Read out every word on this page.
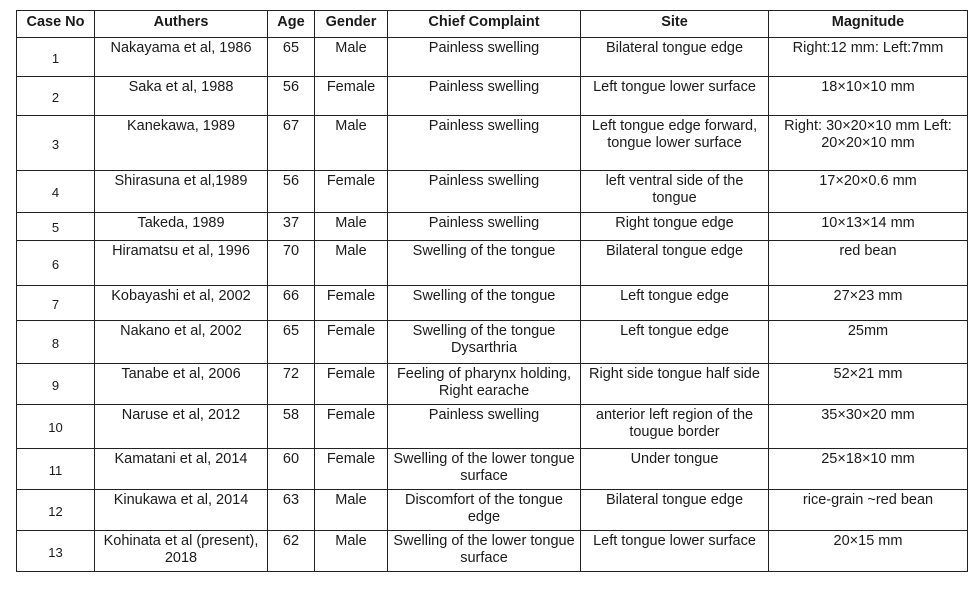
Case No	Authers	Age	Gender	Chief Complaint	Site	Magnitude
1	Nakayama et al, 1986	65	Male	Painless swelling	Bilateral tongue edge	Right:12 mm: Left:7mm
2	Saka et al, 1988	56	Female	Painless swelling	Left tongue lower surface	18×10×10 mm
3	Kanekawa, 1989	67	Male	Painless swelling	Left tongue edge forward, tongue lower surface	Right: 30×20×10 mm Left: 20×20×10 mm
4	Shirasuna et al,1989	56	Female	Painless swelling	left ventral side of the tongue	17×20×0.6 mm
5	Takeda, 1989	37	Male	Painless swelling	Right tongue edge	10×13×14 mm
6	Hiramatsu et al, 1996	70	Male	Swelling of the tongue	Bilateral tongue edge	red bean
7	Kobayashi et al, 2002	66	Female	Swelling of the tongue	Left tongue edge	27×23 mm
8	Nakano et al, 2002	65	Female	Swelling of the tongue Dysarthria	Left tongue edge	25mm
9	Tanabe et al, 2006	72	Female	Feeling of pharynx holding, Right earache	Right side tongue half side	52×21 mm
10	Naruse et al, 2012	58	Female	Painless swelling	anterior left region of the tougue border	35×30×20 mm
11	Kamatani et al, 2014	60	Female	Swelling of the lower tongue surface	Under tongue	25×18×10 mm
12	Kinukawa et al, 2014	63	Male	Discomfort of the tongue edge	Bilateral tongue edge	rice-grain ~red bean
13	Kohinata et al (present), 2018	62	Male	Swelling of the lower tongue surface	Left tongue lower surface	20×15 mm
